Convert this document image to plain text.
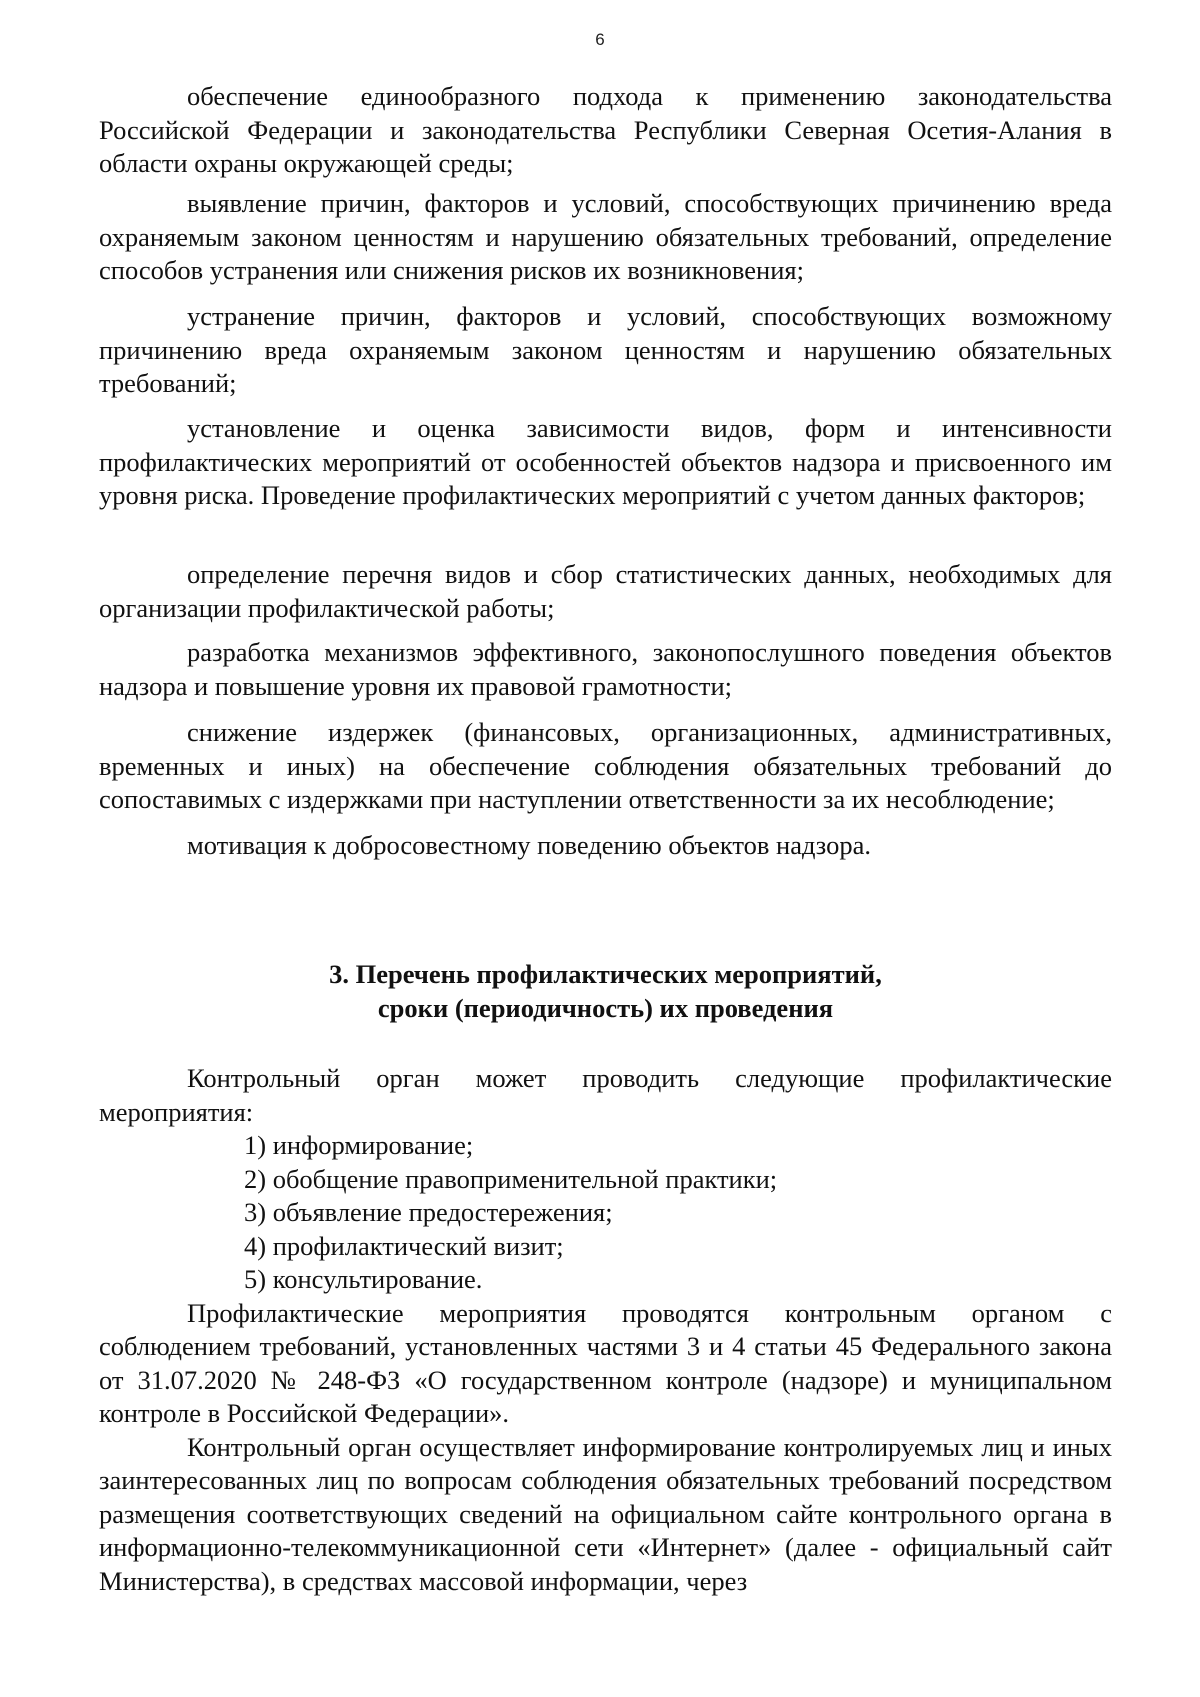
6

обеспечение единообразного подхода к применению законодательства Российской Федерации и законодательства Республики Северная Осетия-Алания в области охраны окружающей среды;

выявление причин, факторов и условий, способствующих причинению вреда охраняемым законом ценностям и нарушению обязательных требований, определение способов устранения или снижения рисков их возникновения;

устранение причин, факторов и условий, способствующих возможному причинению вреда охраняемым законом ценностям и нарушению обязательных требований;

установление и оценка зависимости видов, форм и интенсивности профилактических мероприятий от особенностей объектов надзора и присвоенного им уровня риска. Проведение профилактических мероприятий с учетом данных факторов;

определение перечня видов и сбор статистических данных, необходимых для организации профилактической работы;

разработка механизмов эффективного, законопослушного поведения объектов надзора и повышение уровня их правовой грамотности;

снижение издержек (финансовых, организационных, административных, временных и иных) на обеспечение соблюдения обязательных требований до сопоставимых с издержками при наступлении ответственности за их несоблюдение;

мотивация к добросовестному поведению объектов надзора.

3. Перечень профилактических мероприятий,
сроки (периодичность) их проведения

Контрольный орган может проводить следующие профилактические мероприятия:

1) информирование;
2) обобщение правоприменительной практики;
3) объявление предостережения;
4) профилактический визит;
5) консультирование.

Профилактические мероприятия проводятся контрольным органом с соблюдением требований, установленных частями 3 и 4 статьи 45 Федерального закона от 31.07.2020 № 248-ФЗ «О государственном контроле (надзоре) и муниципальном контроле в Российской Федерации».

Контрольный орган осуществляет информирование контролируемых лиц и иных заинтересованных лиц по вопросам соблюдения обязательных требований посредством размещения соответствующих сведений на официальном сайте контрольного органа в информационно-телекоммуникационной сети «Интернет» (далее - официальный сайт Министерства), в средствах массовой информации, через
